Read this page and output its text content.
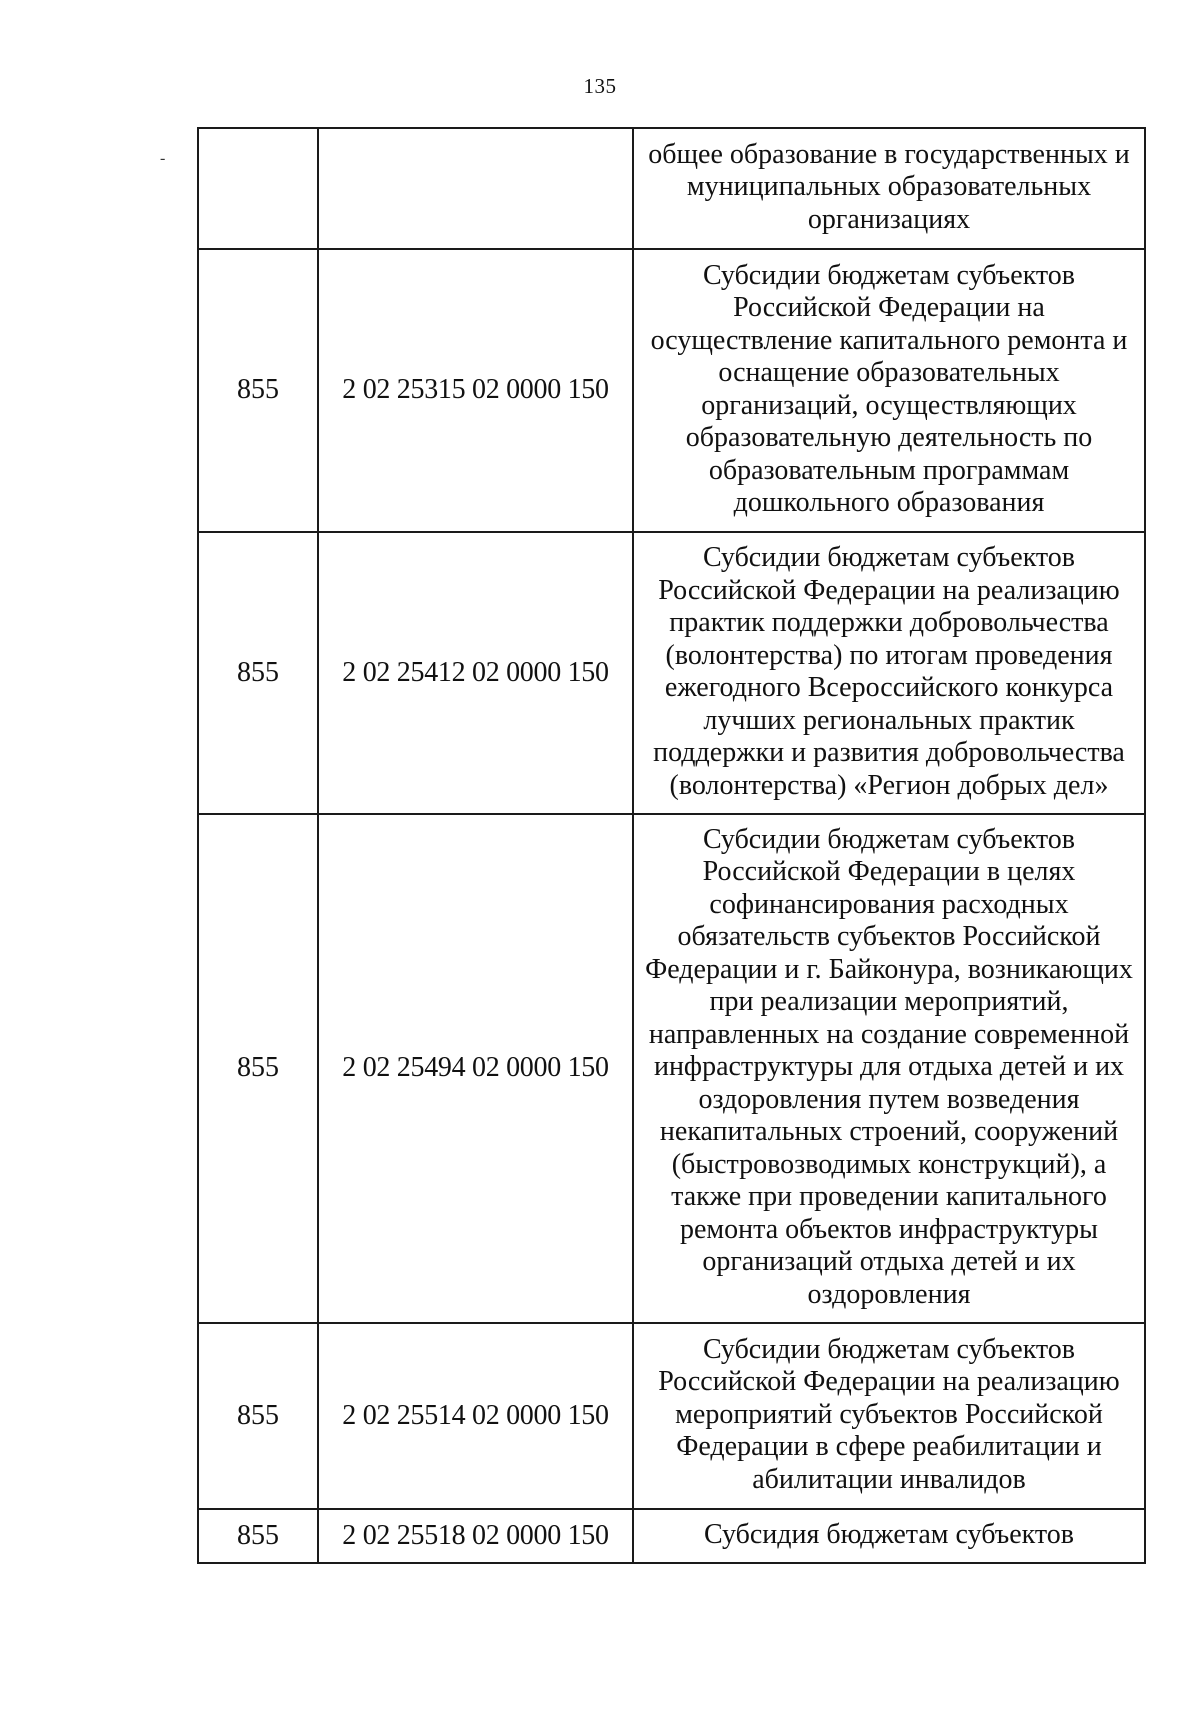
135
-
			общее образование в государственных и муниципальных образовательных организациях
855	2 02 25315 02 0000 150	Субсидии бюджетам субъектов Российской Федерации на осуществление капитального ремонта и оснащение образовательных организаций, осуществляющих образовательную деятельность по образовательным программам дошкольного образования
855	2 02 25412 02 0000 150	Субсидии бюджетам субъектов Российской Федерации на реализацию практик поддержки добровольчества (волонтерства) по итогам проведения ежегодного Всероссийского конкурса лучших региональных практик поддержки и развития добровольчества (волонтерства) «Регион добрых дел»
855	2 02 25494 02 0000 150	Субсидии бюджетам субъектов Российской Федерации в целях софинансирования расходных обязательств субъектов Российской Федерации и г. Байконура, возникающих при реализации мероприятий, направленных на создание современной инфраструктуры для отдыха детей и их оздоровления путем возведения некапитальных строений, сооружений (быстровозводимых конструкций), а также при проведении капитального ремонта объектов инфраструктуры организаций отдыха детей и их оздоровления
855	2 02 25514 02 0000 150	Субсидии бюджетам субъектов Российской Федерации на реализацию мероприятий субъектов Российской Федерации в сфере реабилитации и абилитации инвалидов
855	2 02 25518 02 0000 150	Субсидия бюджетам субъектов
